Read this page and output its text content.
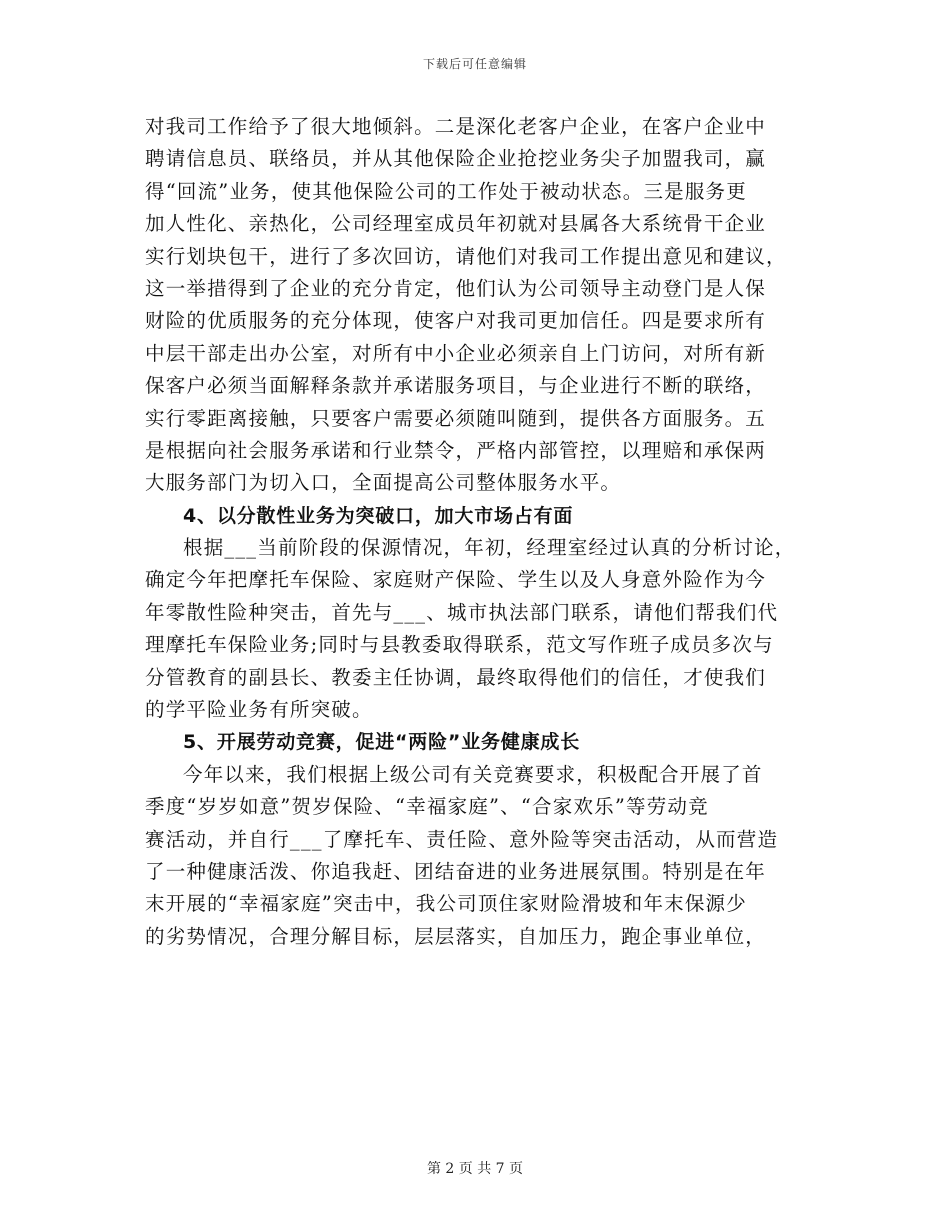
下载后可任意编辑
对我司工作给予了很大地倾斜。二是深化老客户企业，在客户企业中
聘请信息员、联络员，并从其他保险企业抢挖业务尖子加盟我司，赢
得“回流”业务，使其他保险公司的工作处于被动状态。三是服务更
加人性化、亲热化，公司经理室成员年初就对县属各大系统骨干企业
实行划块包干，进行了多次回访，请他们对我司工作提出意见和建议，
这一举措得到了企业的充分肯定，他们认为公司领导主动登门是人保
财险的优质服务的充分体现，使客户对我司更加信任。四是要求所有
中层干部走出办公室，对所有中小企业必须亲自上门访问，对所有新
保客户必须当面解释条款并承诺服务项目，与企业进行不断的联络，
实行零距离接触，只要客户需要必须随叫随到，提供各方面服务。五
是根据向社会服务承诺和行业禁令，严格内部管控，以理赔和承保两
大服务部门为切入口，全面提高公司整体服务水平。
4、以分散性业务为突破口，加大市场占有面
根据___当前阶段的保源情况，年初，经理室经过认真的分析讨论，
确定今年把摩托车保险、家庭财产保险、学生以及人身意外险作为今
年零散性险种突击，首先与___、城市执法部门联系，请他们帮我们代
理摩托车保险业务;同时与县教委取得联系，范文写作班子成员多次与
分管教育的副县长、教委主任协调，最终取得他们的信任，才使我们
的学平险业务有所突破。
5、开展劳动竞赛，促进“两险”业务健康成长
今年以来，我们根据上级公司有关竞赛要求，积极配合开展了首
季度“岁岁如意”贺岁保险、“幸福家庭”、“合家欢乐”等劳动竞
赛活动，并自行___了摩托车、责任险、意外险等突击活动，从而营造
了一种健康活泼、你追我赶、团结奋进的业务进展氛围。特别是在年
末开展的“幸福家庭”突击中，我公司顶住家财险滑坡和年末保源少
的劣势情况，合理分解目标，层层落实，自加压力，跑企事业单位，
第 2 页 共 7 页
